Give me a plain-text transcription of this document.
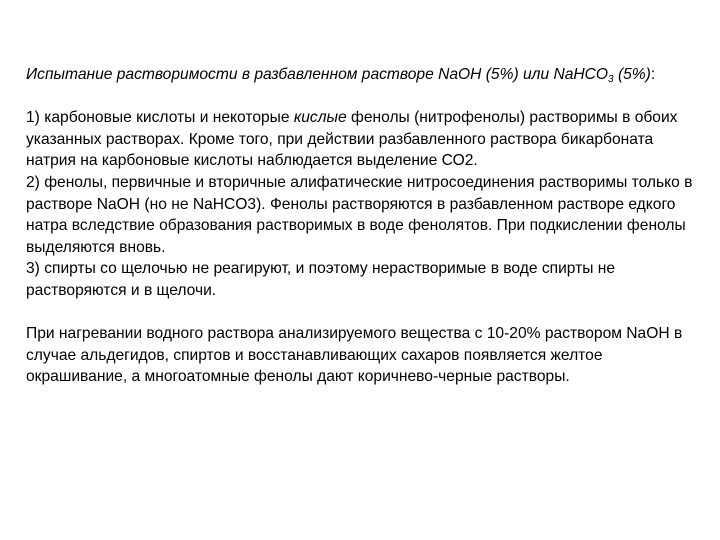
Испытание растворимости в разбавленном растворе NaOH (5%) или NaHCO$_3$ (5%):

1) карбоновые кислоты и некоторые кислые фенолы (нитрофенолы) растворимы в обоих указанных растворах. Кроме того, при действии разбавленного раствора бикарбоната натрия на карбоновые кислоты наблюдается выделение СО2.

2) фенолы, первичные и вторичные алифатические нитросоединения растворимы только в растворе NaOH (но не NaHCO3). Фенолы растворяются в разбавленном растворе едкого натра вследствие образования растворимых в воде фенолятов. При подкислении фенолы выделяются вновь.

3) спирты со щелочью не реагируют, и поэтому нерастворимые в воде спирты не растворяются и в щелочи.

При нагревании водного раствора анализируемого вещества с 10-20% раствором NaOH в случае альдегидов, спиртов и восстанавливающих сахаров появляется желтое окрашивание, а многоатомные фенолы дают коричнево-черные растворы.
